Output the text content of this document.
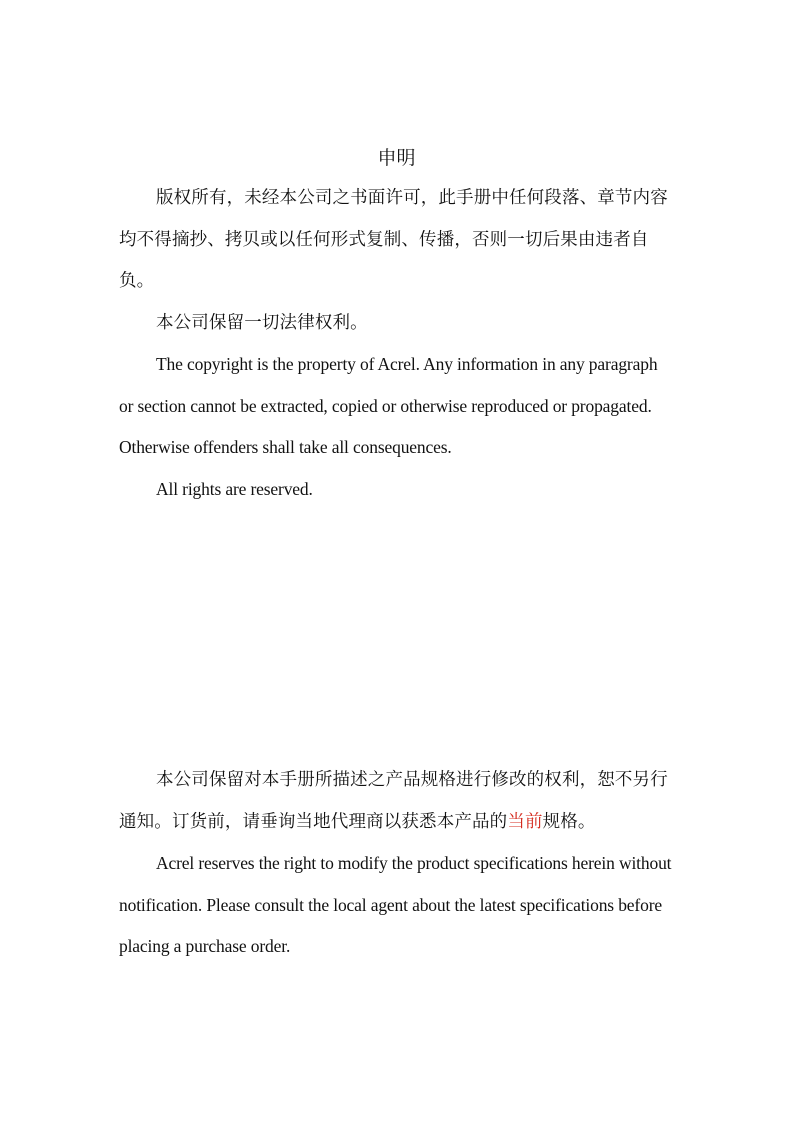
申明

版权所有，未经本公司之书面许可，此手册中任何段落、章节内容均不得摘抄、拷贝或以任何形式复制、传播，否则一切后果由违者自负。

本公司保留一切法律权利。

The copyright is the property of Acrel. Any information in any paragraph or section cannot be extracted, copied or otherwise reproduced or propagated. Otherwise offenders shall take all consequences.

All rights are reserved.

本公司保留对本手册所描述之产品规格进行修改的权利，恕不另行通知。订货前，请垂询当地代理商以获悉本产品的当前规格。

Acrel reserves the right to modify the product specifications herein without notification. Please consult the local agent about the latest specifications before placing a purchase order.
